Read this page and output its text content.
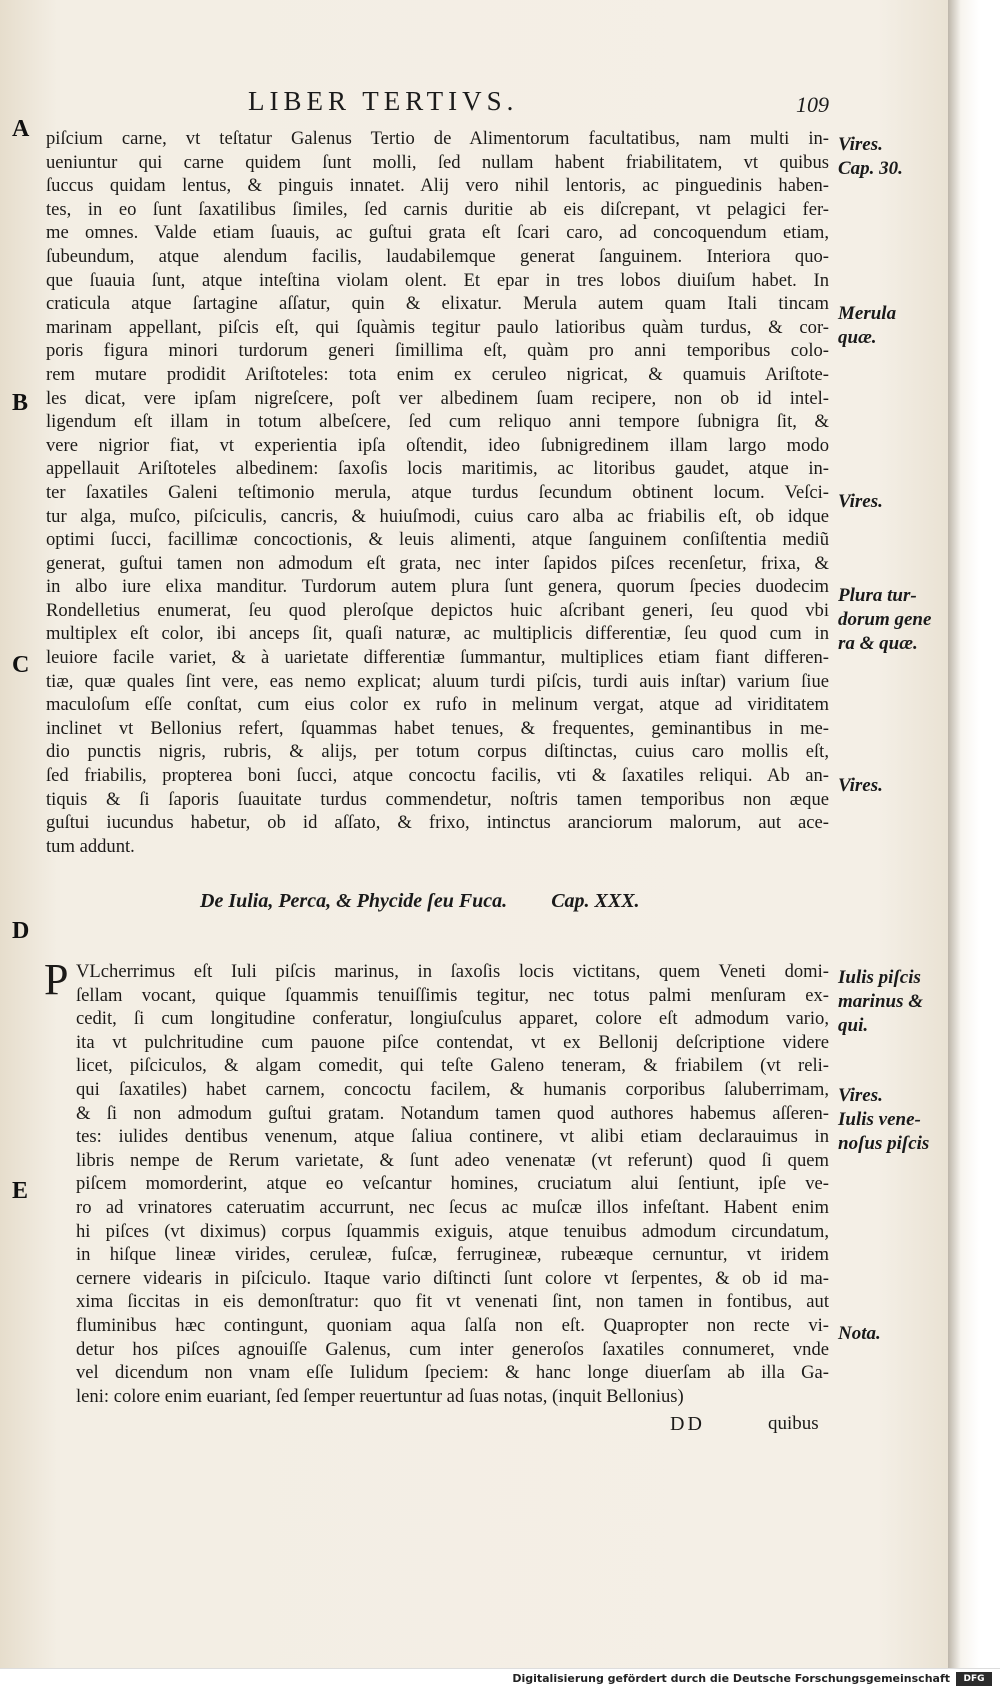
LIBER TERTIVS.	109
A
B
C
D
E
piſcium carne, vt teſtatur Galenus Tertio de Alimentorum facultatibus, nam multi in-
ueniuntur qui carne quidem ſunt molli, ſed nullam habent friabilitatem, vt quibus
ſuccus quidam lentus, & pinguis innatet. Alij vero nihil lentoris, ac pinguedinis haben-
tes, in eo ſunt ſaxatilibus ſimiles, ſed carnis duritie ab eis diſcrepant, vt pelagici fer-
me omnes. Valde etiam ſuauis, ac guſtui grata eſt ſcari caro, ad concoquendum etiam,
ſubeundum, atque alendum facilis, laudabilemque generat ſanguinem. Interiora quo-
que ſuauia ſunt, atque inteſtina violam olent. Et epar in tres lobos diuiſum habet. In
craticula atque ſartagine aſſatur, quin & elixatur. Merula autem quam Itali tincam
marinam appellant, piſcis eſt, qui ſquàmis tegitur paulo latioribus quàm turdus, & cor-
poris figura minori turdorum generi ſimillima eſt, quàm pro anni temporibus colo-
rem mutare prodidit Ariſtoteles: tota enim ex ceruleo nigricat, & quamuis Ariſtote-
les dicat, vere ipſam nigreſcere, poſt ver albedinem ſuam recipere, non ob id intel-
ligendum eſt illam in totum albeſcere, ſed cum reliquo anni tempore ſubnigra ſit, &
vere nigrior fiat, vt experientia ipſa oſtendit, ideo ſubnigredinem illam largo modo
appellauit Ariſtoteles albedinem: ſaxoſis locis maritimis, ac litoribus gaudet, atque in-
ter ſaxatiles Galeni teſtimonio merula, atque turdus ſecundum obtinent locum. Veſci-
tur alga, muſco, piſciculis, cancris, & huiuſmodi, cuius caro alba ac friabilis eſt, ob idque
optimi ſucci, facillimæ concoctionis, & leuis alimenti, atque ſanguinem conſiſtentia mediũ
generat, guſtui tamen non admodum eſt grata, nec inter ſapidos piſces recenſetur, frixa, &
in albo iure elixa manditur. Turdorum autem plura ſunt genera, quorum ſpecies duodecim
Rondelletius enumerat, ſeu quod pleroſque depictos huic aſcribant generi, ſeu quod vbi
multiplex eſt color, ibi anceps ſit, quaſi naturæ, ac multiplicis differentiæ, ſeu quod cum in
leuiore facile variet, & à uarietate differentiæ ſummantur, multiplices etiam fiant differen-
tiæ, quæ quales ſint vere, eas nemo explicat; aluum turdi piſcis, turdi auis inſtar) varium ſiue
maculoſum eſſe conſtat, cum eius color ex rufo in melinum vergat, atque ad viriditatem
inclinet vt Bellonius refert, ſquammas habet tenues, & frequentes, geminantibus in me-
dio punctis nigris, rubris, & alijs, per totum corpus diſtinctas, cuius caro mollis eſt,
ſed friabilis, propterea boni ſucci, atque concoctu facilis, vti & ſaxatiles reliqui. Ab an-
tiquis & ſi ſaporis ſuauitate turdus commendetur, noſtris tamen temporibus non æque
guſtui iucundus habetur, ob id aſſato, & frixo, intinctus aranciorum malorum, aut ace-
tum addunt.
De Iulia, Perca, & Phycide ſeu Fuca. Cap. XXX.
P VLcherrimus eſt Iuli piſcis marinus, in ſaxoſis locis victitans, quem Veneti domi-
ſellam vocant, quique ſquammis tenuiſſimis tegitur, nec totus palmi menſuram ex-
cedit, ſi cum longitudine conferatur, longiuſculus apparet, colore eſt admodum vario,
ita vt pulchritudine cum pauone piſce contendat, vt ex Bellonij deſcriptione videre
licet, piſciculos, & algam comedit, qui teſte Galeno teneram, & friabilem (vt reli-
qui ſaxatiles) habet carnem, concoctu facilem, & humanis corporibus ſaluberrimam,
& ſi non admodum guſtui gratam. Notandum tamen quod authores habemus aſſeren-
tes: iulides dentibus venenum, atque ſaliua continere, vt alibi etiam declarauimus in
libris nempe de Rerum varietate, & ſunt adeo venenatæ (vt referunt) quod ſi quem
piſcem momorderint, atque eo veſcantur homines, cruciatum alui ſentiunt, ipſe ve-
ro ad vrinatores cateruatim accurrunt, nec ſecus ac muſcæ illos infeſtant. Habent enim
hi piſces (vt diximus) corpus ſquammis exiguis, atque tenuibus admodum circundatum,
in hiſque lineæ virides, ceruleæ, fuſcæ, ferrugineæ, rubeæque cernuntur, vt iridem
cernere videaris in piſciculo. Itaque vario diſtincti ſunt colore vt ſerpentes, & ob id ma-
xima ſiccitas in eis demonſtratur: quo fit vt venenati ſint, non tamen in fontibus, aut
fluminibus hæc contingunt, quoniam aqua ſalſa non eſt. Quapropter non recte vi-
detur hos piſces agnouiſſe Galenus, cum inter generoſos ſaxatiles connumeret, vnde
vel dicendum non vnam eſſe Iulidum ſpeciem: & hanc longe diuerſam ab illa Ga-
leni: colore enim euariant, ſed ſemper reuertuntur ad ſuas notas, (inquit Bellonius)
Vires.
Cap. 30.
Merula
quæ.
Vires.
Plura tur-
dorum gene
ra & quæ.
Vires.
Iulis piſcis
marinus &
qui.
Vires.
Iulis vene-
noſus piſcis
Nota.
DD	quibus
Digitalisierung gefördert durch die Deutsche Forschungsgemeinschaft	DFG
